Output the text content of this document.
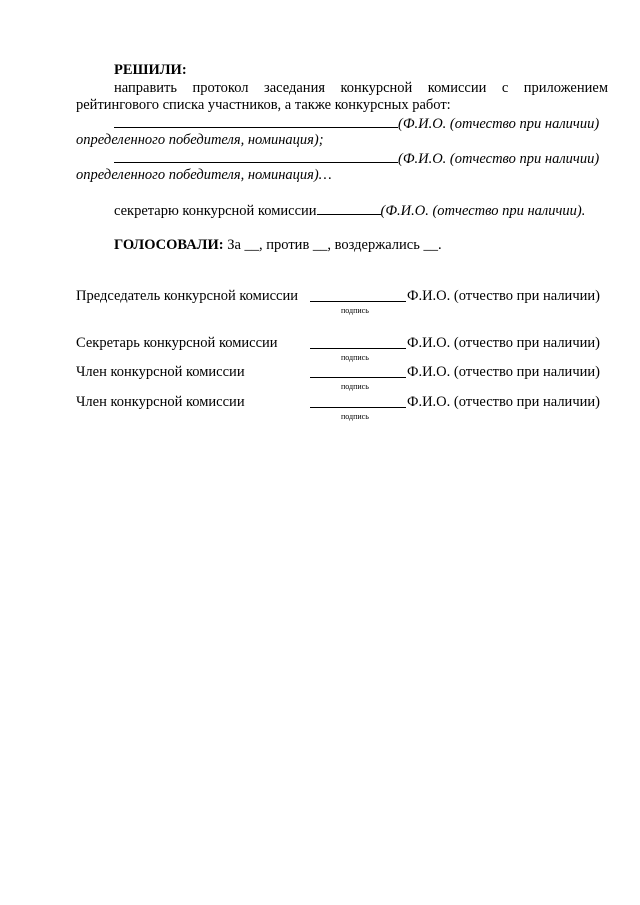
РЕШИЛИ:
направить протокол заседания конкурсной комиссии с приложением
рейтингового списка участников, а также конкурсных работ:
(Ф.И.О. (отчество при наличии)
определенного победителя, номинация);
(Ф.И.О. (отчество при наличии)
определенного победителя, номинация)…
секретарю конкурсной комиссии	(Ф.И.О. (отчество при наличии).
ГОЛОСОВАЛИ: За __, против __, воздержались __.
Председатель конкурсной комиссии	Ф.И.О. (отчество при наличии)
подпись
Секретарь конкурсной комиссии	Ф.И.О. (отчество при наличии)
подпись
Член конкурсной комиссии	Ф.И.О. (отчество при наличии)
подпись
Член конкурсной комиссии	Ф.И.О. (отчество при наличии)
подпись
